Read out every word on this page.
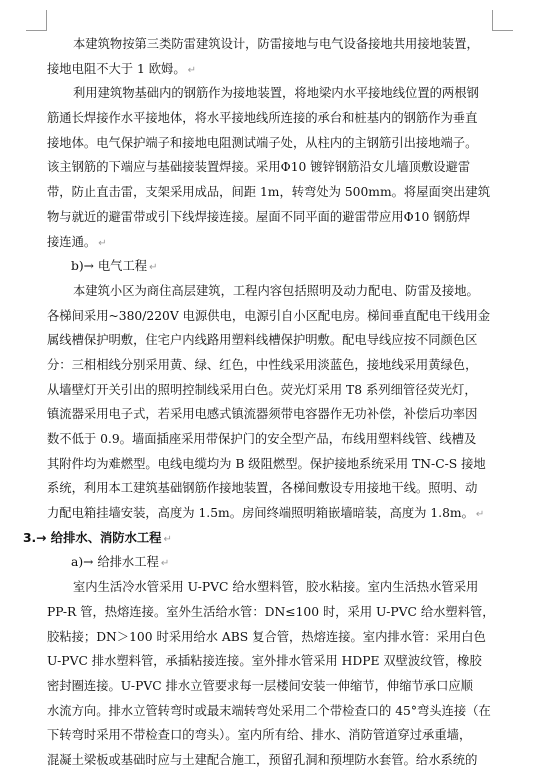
本建筑物按第三类防雷建筑设计，防雷接地与电气设备接地共用接地装置，
接地电阻不大于 1 欧姆。 ↵
利用建筑物基础内的钢筋作为接地装置，将地梁内水平接地线位置的两根钢
筋通长焊接作水平接地体，将水平接地线所连接的承台和桩基内的钢筋作为垂直
接地体。电气保护端子和接地电阻测试端子处，从柱内的主钢筋引出接地端子。
该主钢筋的下端应与基础接装置焊接。采用Φ10 镀锌钢筋沿女儿墙顶敷设避雷
带，防止直击雷，支架采用成品，间距 1m，转弯处为 500mm。将屋面突出建筑
物与就近的避雷带或引下线焊接连接。屋面不同平面的避雷带应用Φ10 钢筋焊
接连通。 ↵
b)→ 电气工程 ↵
本建筑小区为商住高层建筑，工程内容包括照明及动力配电、防雷及接地。
各梯间采用~380/220V 电源供电，电源引自小区配电房。梯间垂直配电干线用金
属线槽保护明敷，住宅户内线路用塑料线槽保护明敷。配电导线应按不同颜色区
分：三相相线分别采用黄、绿、红色，中性线采用淡蓝色，接地线采用黄绿色，
从墙壁灯开关引出的照明控制线采用白色。荧光灯采用 T8 系列细管径荧光灯，
镇流器采用电子式，若采用电感式镇流器须带电容器作无功补偿，补偿后功率因
数不低于 0.9。墙面插座采用带保护门的安全型产品，布线用塑料线管、线槽及
其附件均为难燃型。电线电缆均为 B 级阻燃型。保护接地系统采用 TN-C-S 接地
系统，利用本工建筑基础钢筋作接地装置，各梯间敷设专用接地干线。照明、动
力配电箱挂墙安装，高度为 1.5m。房间终端照明箱嵌墙暗装，高度为 1.8m。 ↵
3.→ 给排水、消防水工程 ↵
a)→ 给排水工程 ↵
室内生活冷水管采用 U-PVC 给水塑料管，胶水粘接。室内生活热水管采用
PP-R 管，热熔连接。室外生活给水管：DN≤100 时，采用 U-PVC 给水塑料管，
胶粘接；DN＞100 时采用给水 ABS 复合管，热熔连接。室内排水管：采用白色
U-PVC 排水塑料管，承插粘接连接。室外排水管采用 HDPE 双壁波纹管，橡胶
密封圈连接。U-PVC 排水立管要求每一层楼间安装一伸缩节，伸缩节承口应顺
水流方向。排水立管转弯时或最末端转弯处采用二个带检查口的 45°弯头连接（在
下转弯时采用不带检查口的弯头）。室内所有给、排水、消防管道穿过承重墙，
混凝土梁板或基础时应与土建配合施工，预留孔洞和预埋防水套管。给水系统的
